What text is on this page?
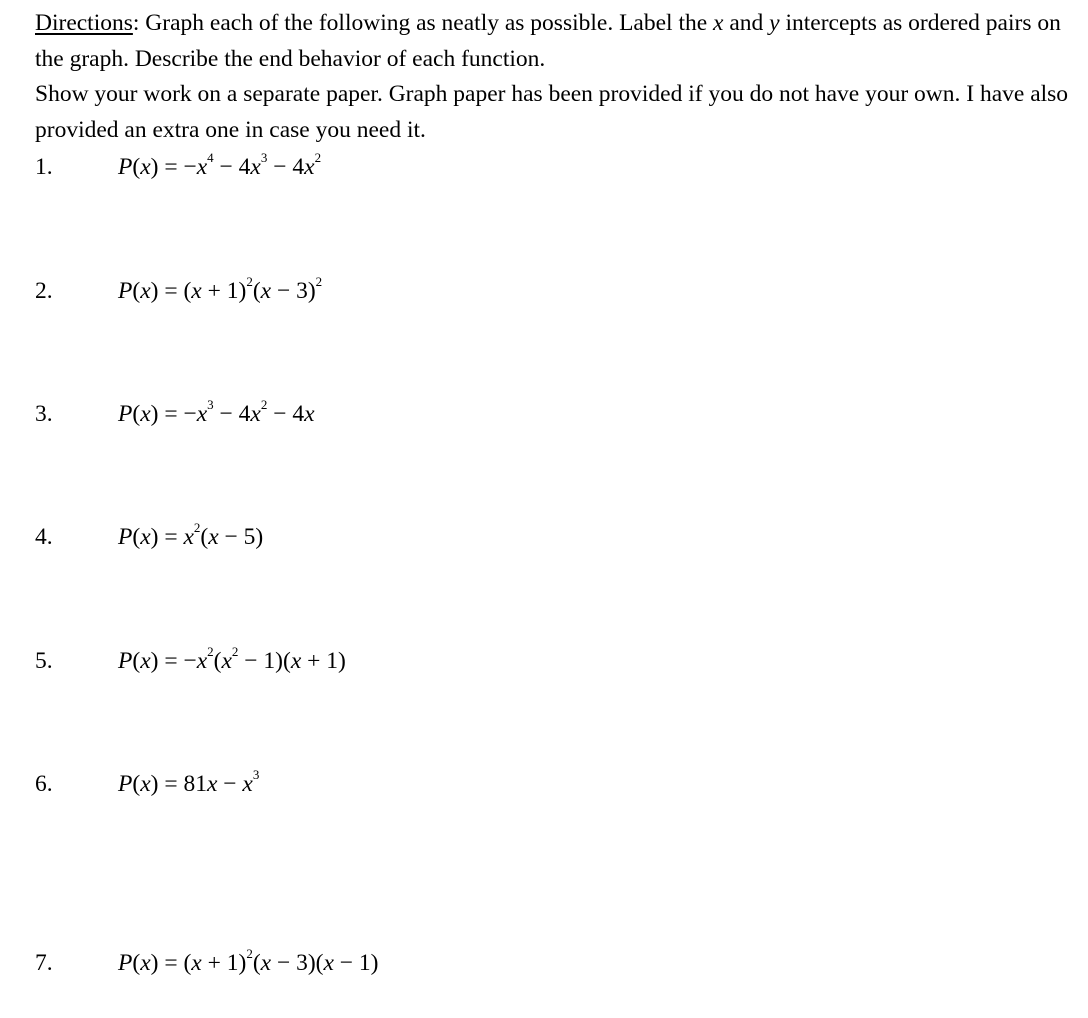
Directions: Graph each of the following as neatly as possible. Label the x and y intercepts as ordered pairs on the graph. Describe the end behavior of each function.

Show your work on a separate paper. Graph paper has been provided if you do not have your own. I have also provided an extra one in case you need it.

1.	$P(x) = -x^4 - 4x^3 - 4x^2$
2.	$P(x) = (x + 1)^2(x - 3)^2$
3.	$P(x) = -x^3 - 4x^2 - 4x$
4.	$P(x) = x^2(x - 5)$
5.	$P(x) = -x^2(x^2 - 1)(x + 1)$
6.	$P(x) = 81x - x^3$
7.	$P(x) = (x + 1)^2(x - 3)(x - 1)$
